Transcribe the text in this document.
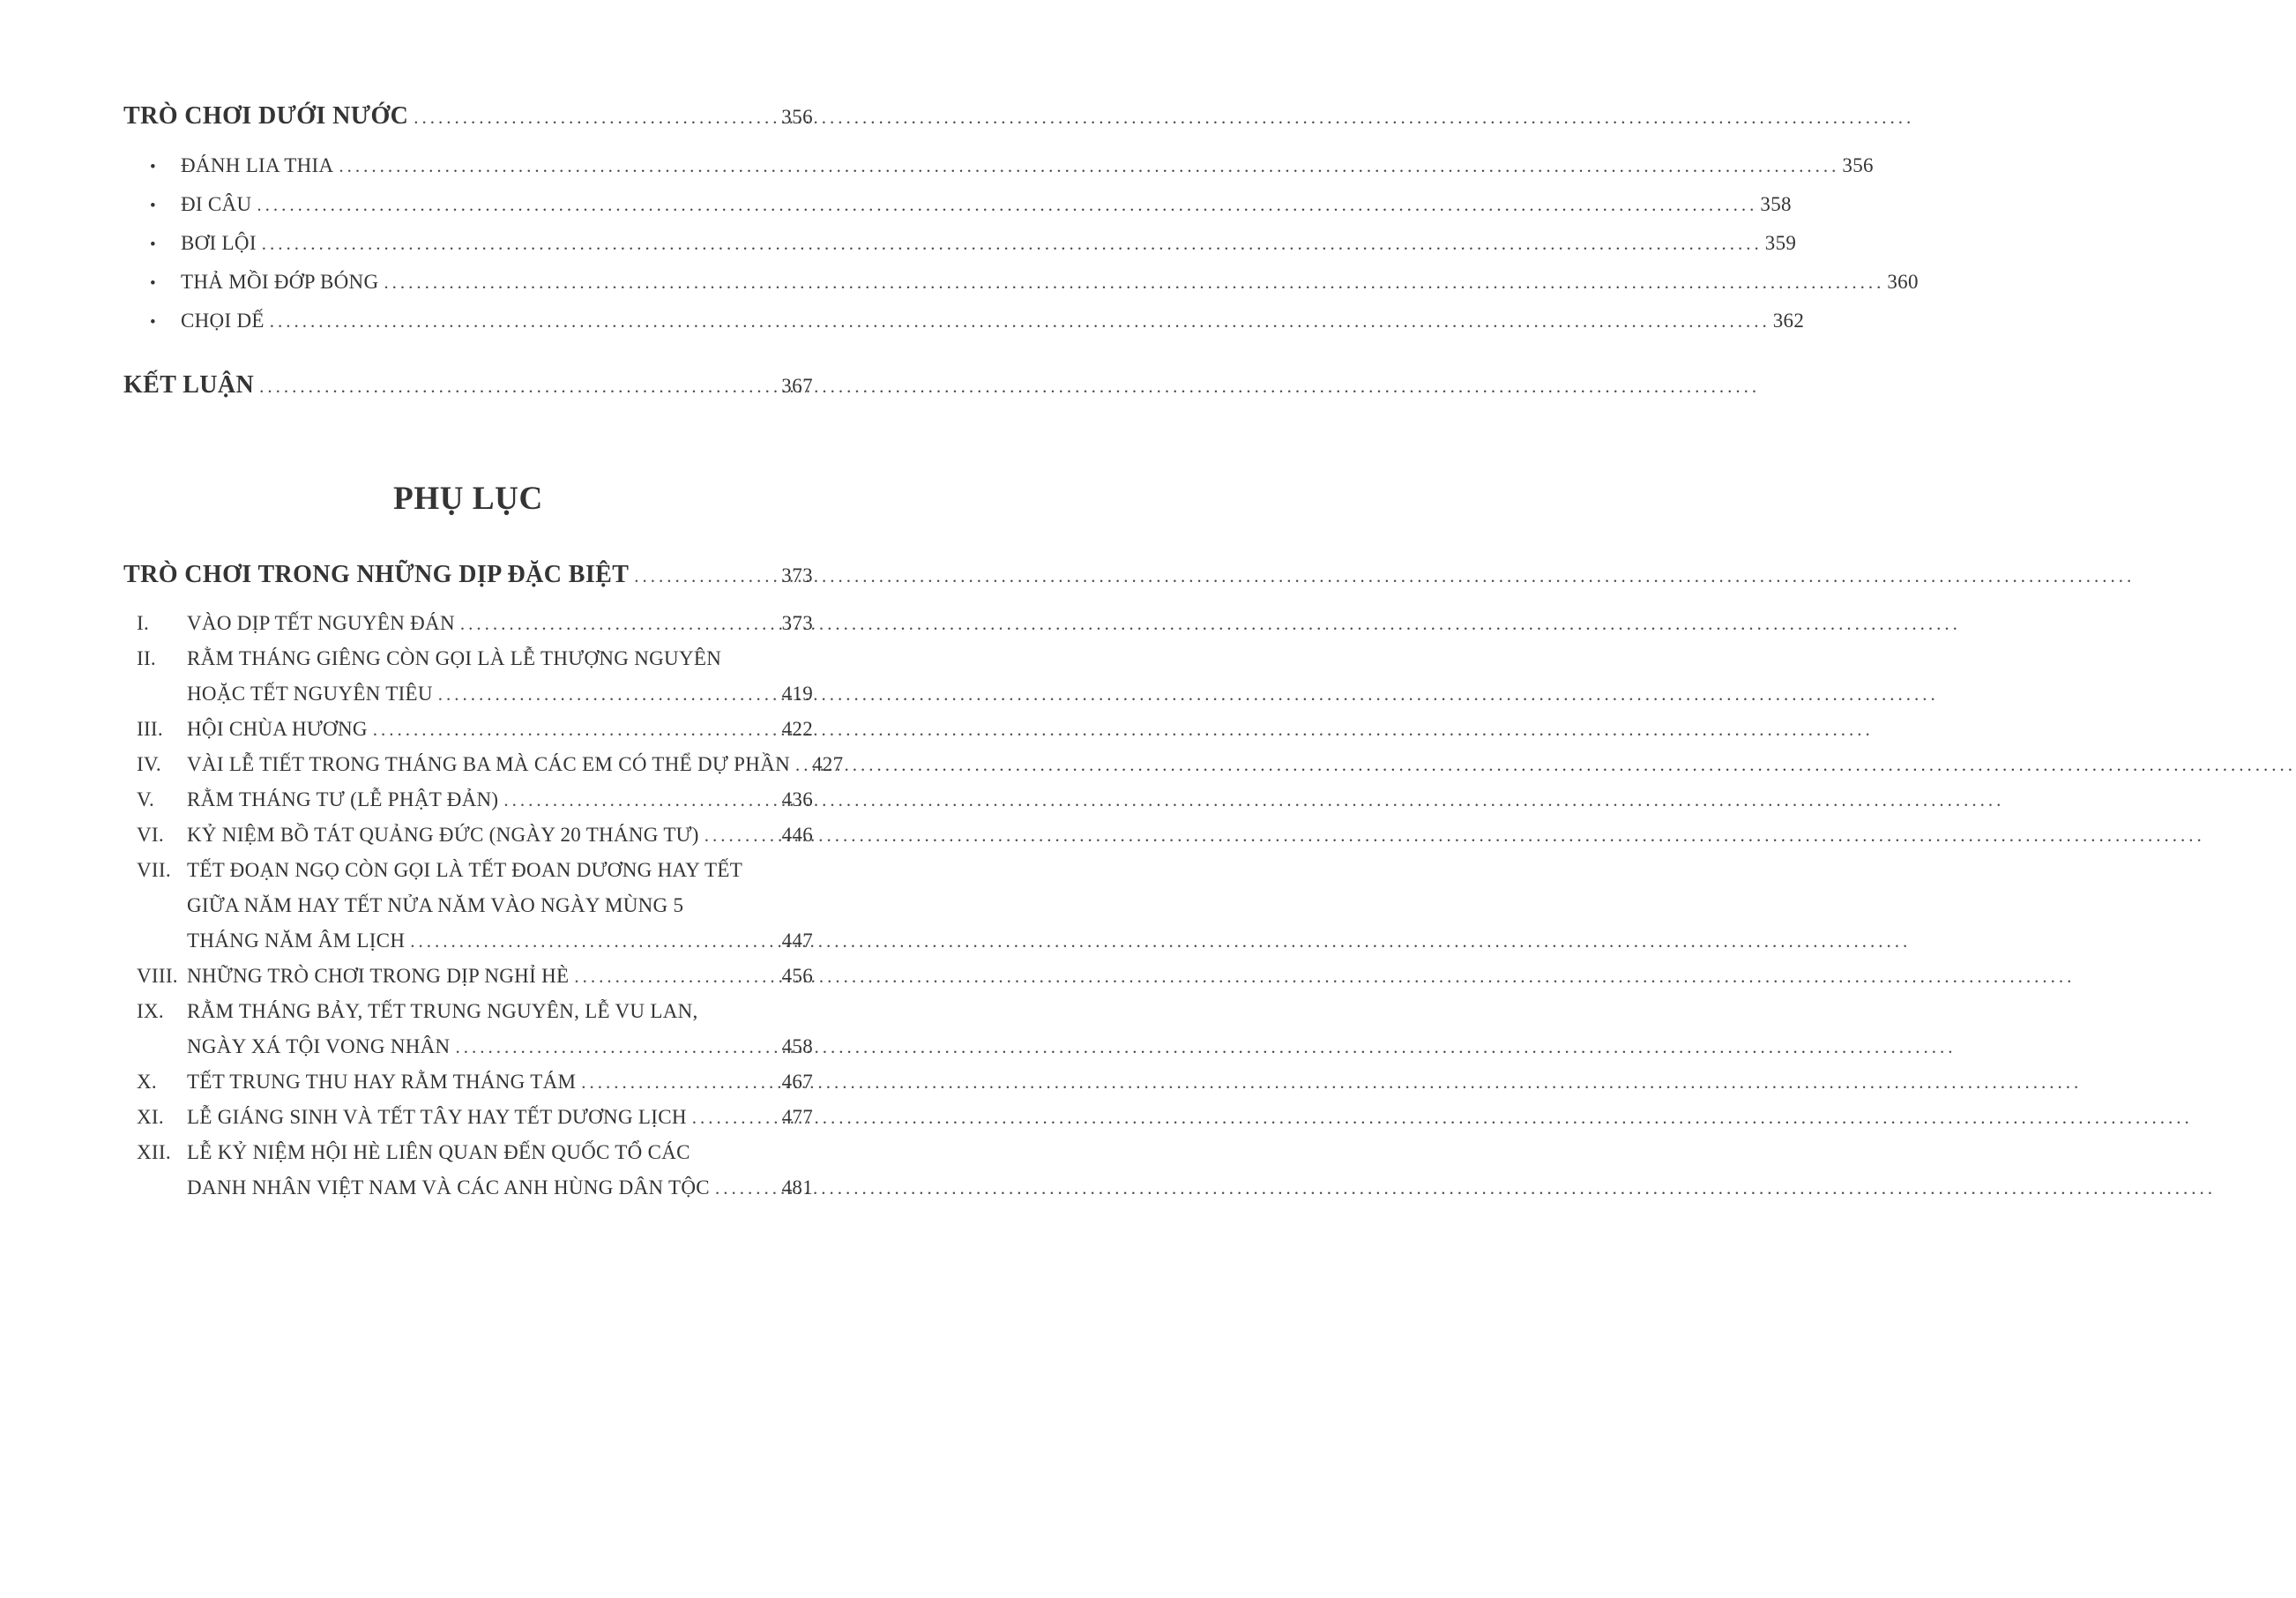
TRÒ CHƠI DƯỚI NƯỚC .....	356
•	ĐÁNH LIA THIA .....	356
•	ĐI CÂU .....	358
•	BƠI LỘI .....	359
•	THẢ MỒI ĐỚP BÓNG .....	360
•	CHỌI DẾ .....	362
KẾT LUẬN .....	367
PHỤ LỤC
TRÒ CHƠI TRONG NHỮNG DỊP ĐẶC BIỆT .....	373
I.	VÀO DỊP TẾT NGUYÊN ĐÁN .....	373
II.	RẰM THÁNG GIÊNG CÒN GỌI LÀ LỄ THƯỢNG NGUYÊN
HOẶC TẾT NGUYÊN TIÊU .....	419
III.	HỘI CHÙA HƯƠNG .....	422
IV.	VÀI LỄ TIẾT TRONG THÁNG BA MÀ CÁC EM CÓ THỂ DỰ PHẦN ..... 427
V.	RẰM THÁNG TƯ (LỄ PHẬT ĐẢN) .....	436
VI.	KỶ NIỆM BỒ TÁT QUẢNG ĐỨC (NGÀY 20 THÁNG TƯ) .....	446
VII. TẾT ĐOẠN NGỌ CÒN GỌI LÀ TẾT ĐOAN DƯƠNG HAY TẾT
GIỮA NĂM HAY TẾT NỬA NĂM VÀO NGÀY MÙNG 5
THÁNG NĂM ÂM LỊCH .....	447
VIII. NHỮNG TRÒ CHƠI TRONG DỊP NGHỈ HÈ .....	456
IX.	RẰM THÁNG BẢY, TẾT TRUNG NGUYÊN, LỄ VU LAN,
NGÀY XÁ TỘI VONG NHÂN .....	458
X.	TẾT TRUNG THU HAY RẰM THÁNG TÁM .....	467
XI.	LỄ GIÁNG SINH VÀ TẾT TÂY HAY TẾT DƯƠNG LỊCH .....	477
XII. LỄ KỶ NIỆM HỘI HÈ LIÊN QUAN ĐẾN QUỐC TỔ CÁC
DANH NHÂN VIỆT NAM VÀ CÁC ANH HÙNG DÂN TỘC .....	481
